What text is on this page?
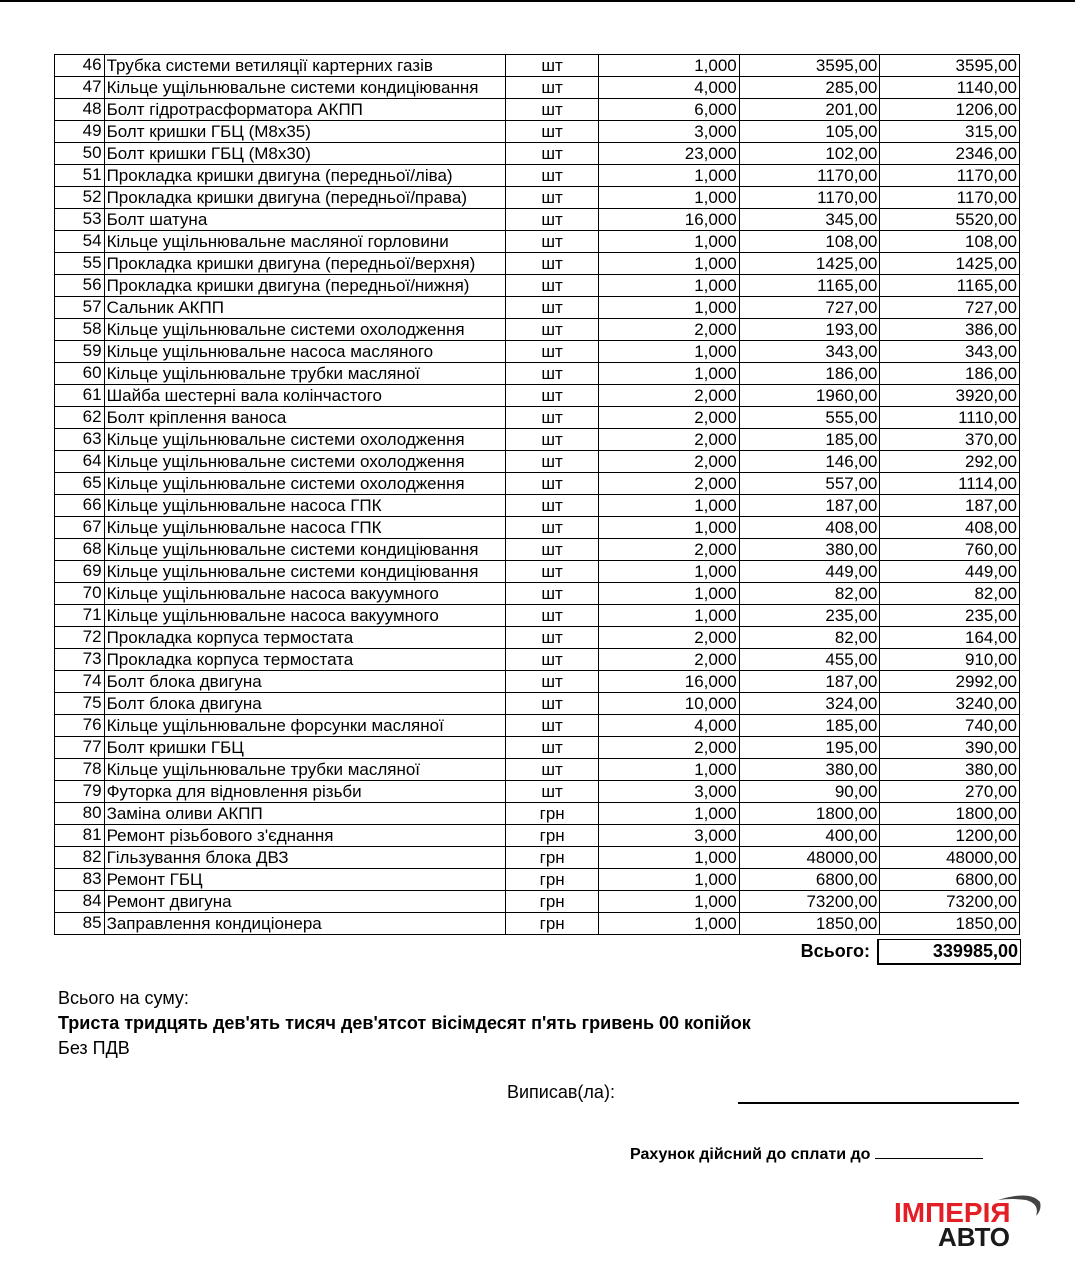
46	Трубка системи ветиляції картерних газів	шт	1,000	3595,00	3595,00
47	Кільце ущільнювальне системи кондиціювання	шт	4,000	285,00	1140,00
48	Болт гідротрасформатора АКПП	шт	6,000	201,00	1206,00
49	Болт кришки ГБЦ (М8х35)	шт	3,000	105,00	315,00
50	Болт кришки ГБЦ (М8х30)	шт	23,000	102,00	2346,00
51	Прокладка кришки двигуна (передньої/ліва)	шт	1,000	1170,00	1170,00
52	Прокладка кришки двигуна (передньої/права)	шт	1,000	1170,00	1170,00
53	Болт шатуна	шт	16,000	345,00	5520,00
54	Кільце ущільнювальне масляної горловини	шт	1,000	108,00	108,00
55	Прокладка кришки двигуна (передньої/верхня)	шт	1,000	1425,00	1425,00
56	Прокладка кришки двигуна (передньої/нижня)	шт	1,000	1165,00	1165,00
57	Сальник АКПП	шт	1,000	727,00	727,00
58	Кільце ущільнювальне системи охолодження	шт	2,000	193,00	386,00
59	Кільце ущільнювальне насоса масляного	шт	1,000	343,00	343,00
60	Кільце ущільнювальне трубки масляної	шт	1,000	186,00	186,00
61	Шайба шестерні вала колінчастого	шт	2,000	1960,00	3920,00
62	Болт кріплення ваноса	шт	2,000	555,00	1110,00
63	Кільце ущільнювальне системи охолодження	шт	2,000	185,00	370,00
64	Кільце ущільнювальне системи охолодження	шт	2,000	146,00	292,00
65	Кільце ущільнювальне системи охолодження	шт	2,000	557,00	1114,00
66	Кільце ущільнювальне насоса ГПК	шт	1,000	187,00	187,00
67	Кільце ущільнювальне насоса ГПК	шт	1,000	408,00	408,00
68	Кільце ущільнювальне системи кондиціювання	шт	2,000	380,00	760,00
69	Кільце ущільнювальне системи кондиціювання	шт	1,000	449,00	449,00
70	Кільце ущільнювальне насоса вакуумного	шт	1,000	82,00	82,00
71	Кільце ущільнювальне насоса вакуумного	шт	1,000	235,00	235,00
72	Прокладка корпуса термостата	шт	2,000	82,00	164,00
73	Прокладка корпуса термостата	шт	2,000	455,00	910,00
74	Болт блока двигуна	шт	16,000	187,00	2992,00
75	Болт блока двигуна	шт	10,000	324,00	3240,00
76	Кільце ущільнювальне форсунки масляної	шт	4,000	185,00	740,00
77	Болт кришки ГБЦ	шт	2,000	195,00	390,00
78	Кільце ущільнювальне трубки масляної	шт	1,000	380,00	380,00
79	Футорка для відновлення різьби	шт	3,000	90,00	270,00
80	Заміна оливи АКПП	грн	1,000	1800,00	1800,00
81	Ремонт різьбового з'єднання	грн	3,000	400,00	1200,00
82	Гільзування блока ДВЗ	грн	1,000	48000,00	48000,00
83	Ремонт ГБЦ	грн	1,000	6800,00	6800,00
84	Ремонт двигуна	грн	1,000	73200,00	73200,00
85	Заправлення кондиціонера	грн	1,000	1850,00	1850,00
Всього:	339985,00
Всього на суму:
Триста тридцять дев'ять тисяч дев'ятсот вісімдесят п'ять гривень 00 копійок
Без ПДВ
Виписав(ла):
Рахунок дійсний до сплати до
ІМПЕРІЯ
АВТО
